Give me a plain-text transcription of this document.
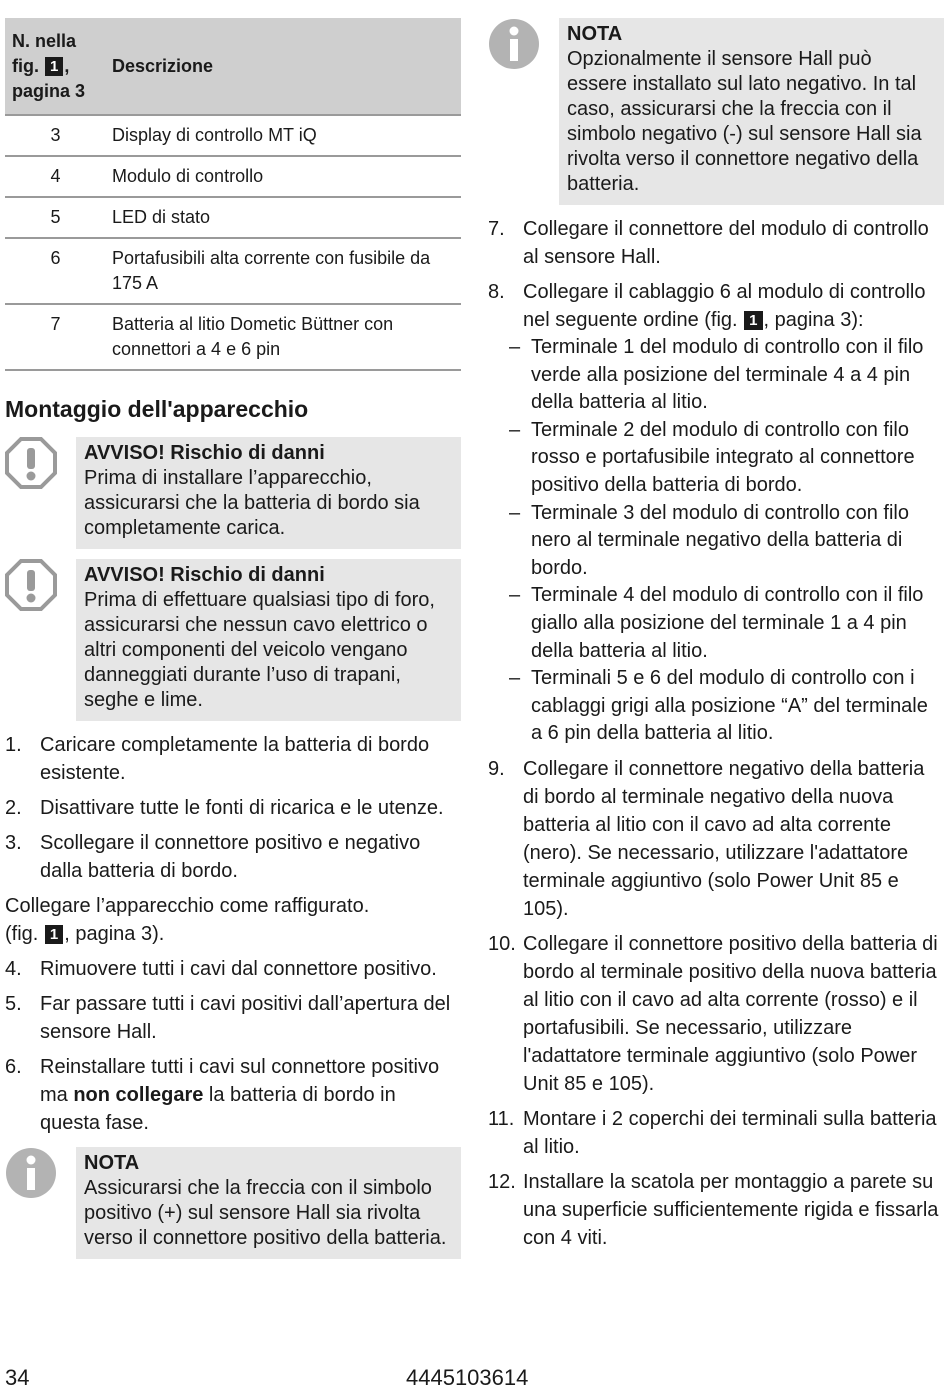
N. nella
fig. 1 ,
pagina 3	Descrizione
3	Display di controllo MT iQ
4	Modulo di controllo
5	LED di stato
6	Portafusibili alta corrente con fusibile da 175 A
7	Batteria al litio Dometic Büttner con connettori a 4 e 6 pin
Montaggio dell'apparecchio
AVVISO! Rischio di danni
Prima di installare l’apparecchio, assicurarsi che la batteria di bordo sia completamente carica.
AVVISO! Rischio di danni
Prima di effettuare qualsiasi tipo di foro, assicurarsi che nessun cavo elettrico o altri componenti del veicolo vengano danneggiati durante l’uso di trapani, seghe e lime.
1. Caricare completamente la batteria di bordo esistente.
2. Disattivare tutte le fonti di ricarica e le utenze.
3. Scollegare il connettore positivo e negativo dalla batteria di bordo.

Collegare l’apparecchio come raffigurato.
(fig. 1 , pagina 3).

4. Rimuovere tutti i cavi dal connettore positivo.
5. Far passare tutti i cavi positivi dall’apertura del sensore Hall.
6. Reinstallare tutti i cavi sul connettore positivo ma non collegare la batteria di bordo in questa fase.
NOTA
Assicurarsi che la freccia con il simbolo positivo (+) sul sensore Hall sia rivolta verso il connettore positivo della batteria.
NOTA
Opzionalmente il sensore Hall può essere installato sul lato negativo. In tal caso, assicurarsi che la freccia con il simbolo negativo (-) sul sensore Hall sia rivolta verso il connettore negativo della batteria.
7. Collegare il connettore del modulo di controllo al sensore Hall.
8. Collegare il cablaggio 6 al modulo di controllo nel seguente ordine (fig. 1 , pagina 3):
– Terminale 1 del modulo di controllo con il filo verde alla posizione del terminale 4 a 4 pin della batteria al litio.
– Terminale 2 del modulo di controllo con filo rosso e portafusibile integrato al connettore positivo della batteria di bordo.
– Terminale 3 del modulo di controllo con filo nero al terminale negativo della batteria di bordo.
– Terminale 4 del modulo di controllo con il filo giallo alla posizione del terminale 1 a 4 pin della batteria al litio.
– Terminali 5 e 6 del modulo di controllo con i cablaggi grigi alla posizione “A” del terminale a 6 pin della batteria al litio.
9. Collegare il connettore negativo della batteria di bordo al terminale negativo della nuova batteria al litio con il cavo ad alta corrente (nero). Se necessario, utilizzare l'adattatore terminale aggiuntivo (solo Power Unit 85 e 105).
10. Collegare il connettore positivo della batteria di bordo al terminale positivo della nuova batteria al litio con il cavo ad alta corrente (rosso) e il portafusibili. Se necessario, utilizzare l'adattatore terminale aggiuntivo (solo Power Unit 85 e 105).
11. Montare i 2 coperchi dei terminali sulla batteria al litio.
12. Installare la scatola per montaggio a parete su una superficie sufficientemente rigida e fissarla con 4 viti.
34	4445103614
